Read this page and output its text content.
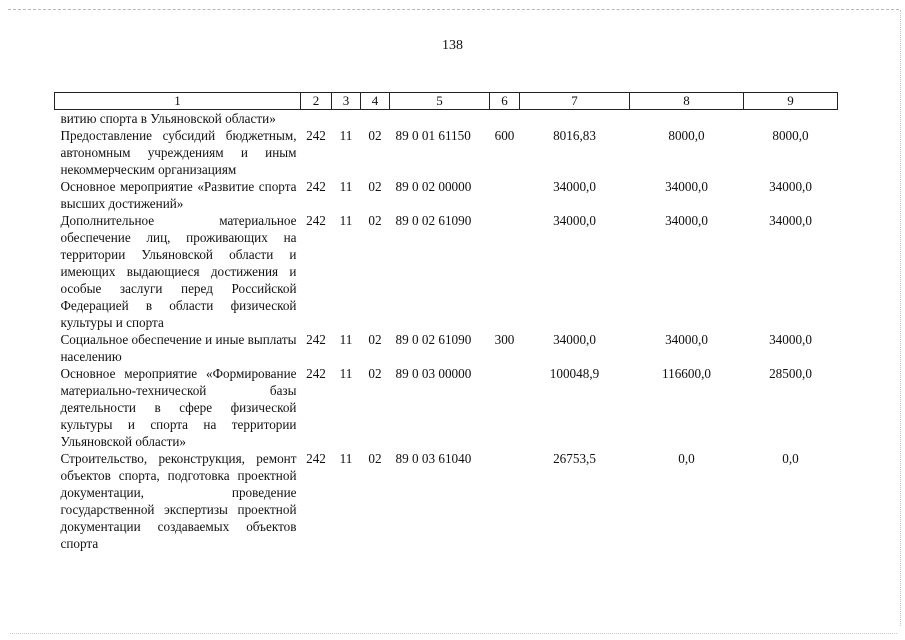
138
1	2	3	4	5	6	7	8	9
витию спорта в Ульяновской области»								
Предоставление субсидий бюджетным, автономным учреждениям и иным некоммерческим организациям	242	11	02	89 0 01 61150	600	8016,83	8000,0	8000,0
Основное мероприятие «Развитие спорта высших достижений»	242	11	02	89 0 02 00000		34000,0	34000,0	34000,0
Дополнительное материальное обеспечение лиц, проживающих на территории Ульяновской области и имеющих выдающиеся достижения и особые заслуги перед Российской Федерацией в области физической культуры и спорта	242	11	02	89 0 02 61090		34000,0	34000,0	34000,0
Социальное обеспечение и иные выплаты населению	242	11	02	89 0 02 61090	300	34000,0	34000,0	34000,0
Основное мероприятие «Формирование материально-технической базы деятельности в сфере физической культуры и спорта на территории Ульяновской области»	242	11	02	89 0 03 00000		100048,9	116600,0	28500,0
Строительство, реконструкция, ремонт объектов спорта, подготовка проектной документации, проведение государственной экспертизы проектной документации создаваемых объектов спорта	242	11	02	89 0 03 61040		26753,5	0,0	0,0
